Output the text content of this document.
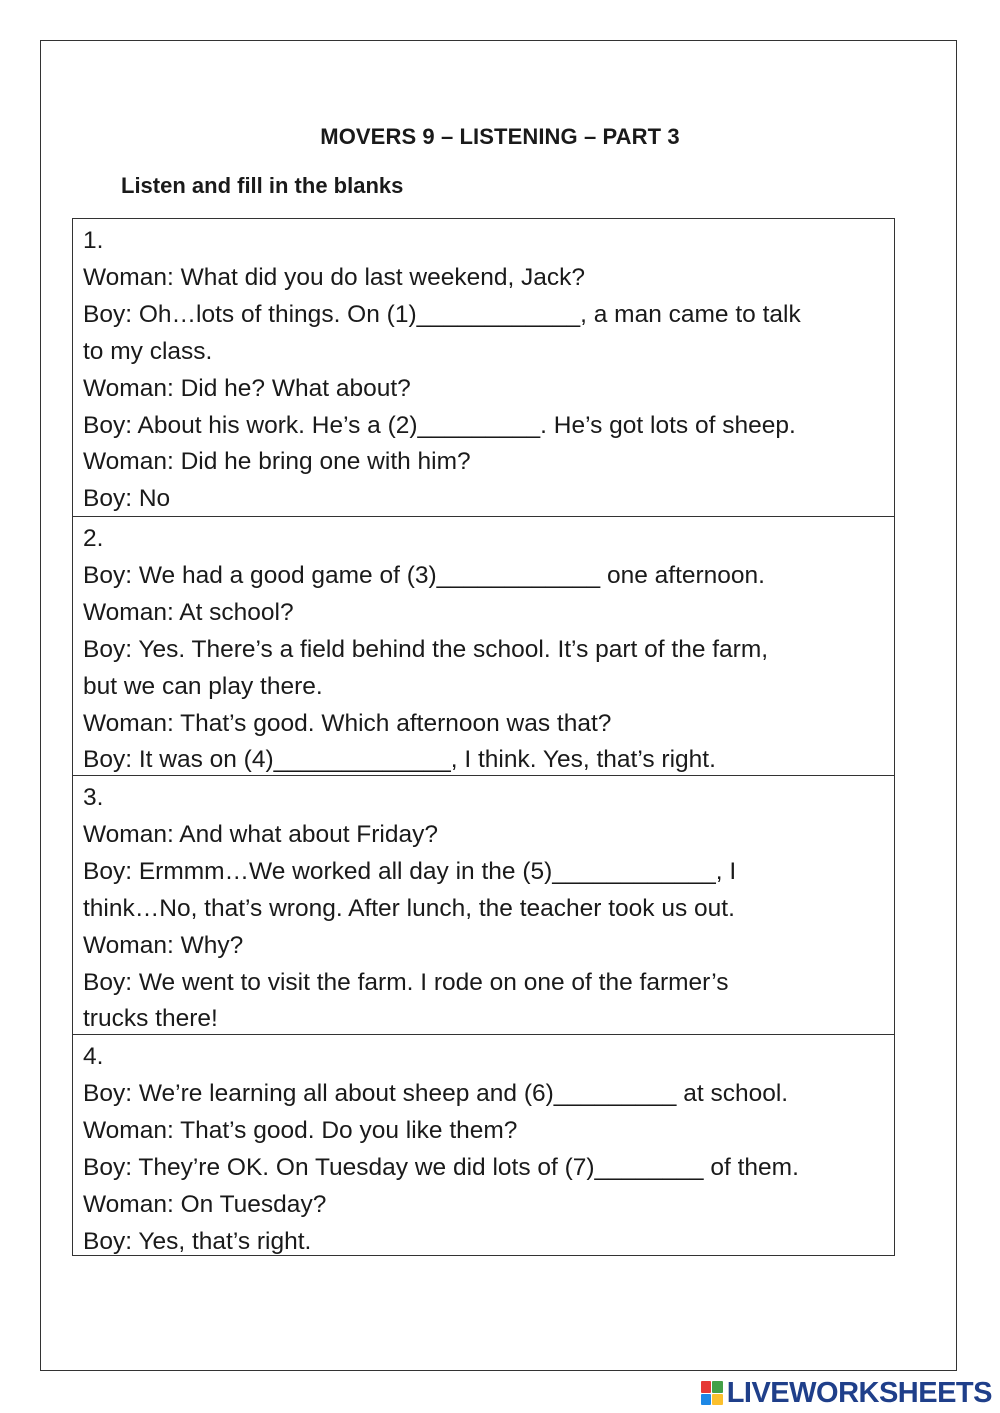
MOVERS 9 – LISTENING – PART 3
Listen and fill in the blanks
1.
Woman: What did you do last weekend, Jack?
Boy: Oh…lots of things. On (1)____________, a man came to talk
to my class.
Woman: Did he? What about?
Boy: About his work. He’s a (2)_________. He’s got lots of sheep.
Woman: Did he bring one with him?
Boy: No
2.
Boy: We had a good game of (3)____________ one afternoon.
Woman: At school?
Boy: Yes. There’s a field behind the school. It’s part of the farm,
but we can play there.
Woman: That’s good. Which afternoon was that?
Boy: It was on (4)_____________, I think. Yes, that’s right.
3.
Woman: And what about Friday?
Boy: Ermmm…We worked all day in the (5)____________, I
think…No, that’s wrong. After lunch, the teacher took us out.
Woman: Why?
Boy: We went to visit the farm. I rode on one of the farmer’s
trucks there!
4.
Boy: We’re learning all about sheep and (6)_________ at school.
Woman: That’s good. Do you like them?
Boy: They’re OK. On Tuesday we did lots of (7)________ of them.
Woman: On Tuesday?
Boy: Yes, that’s right.
LIVEWORKSHEETS
